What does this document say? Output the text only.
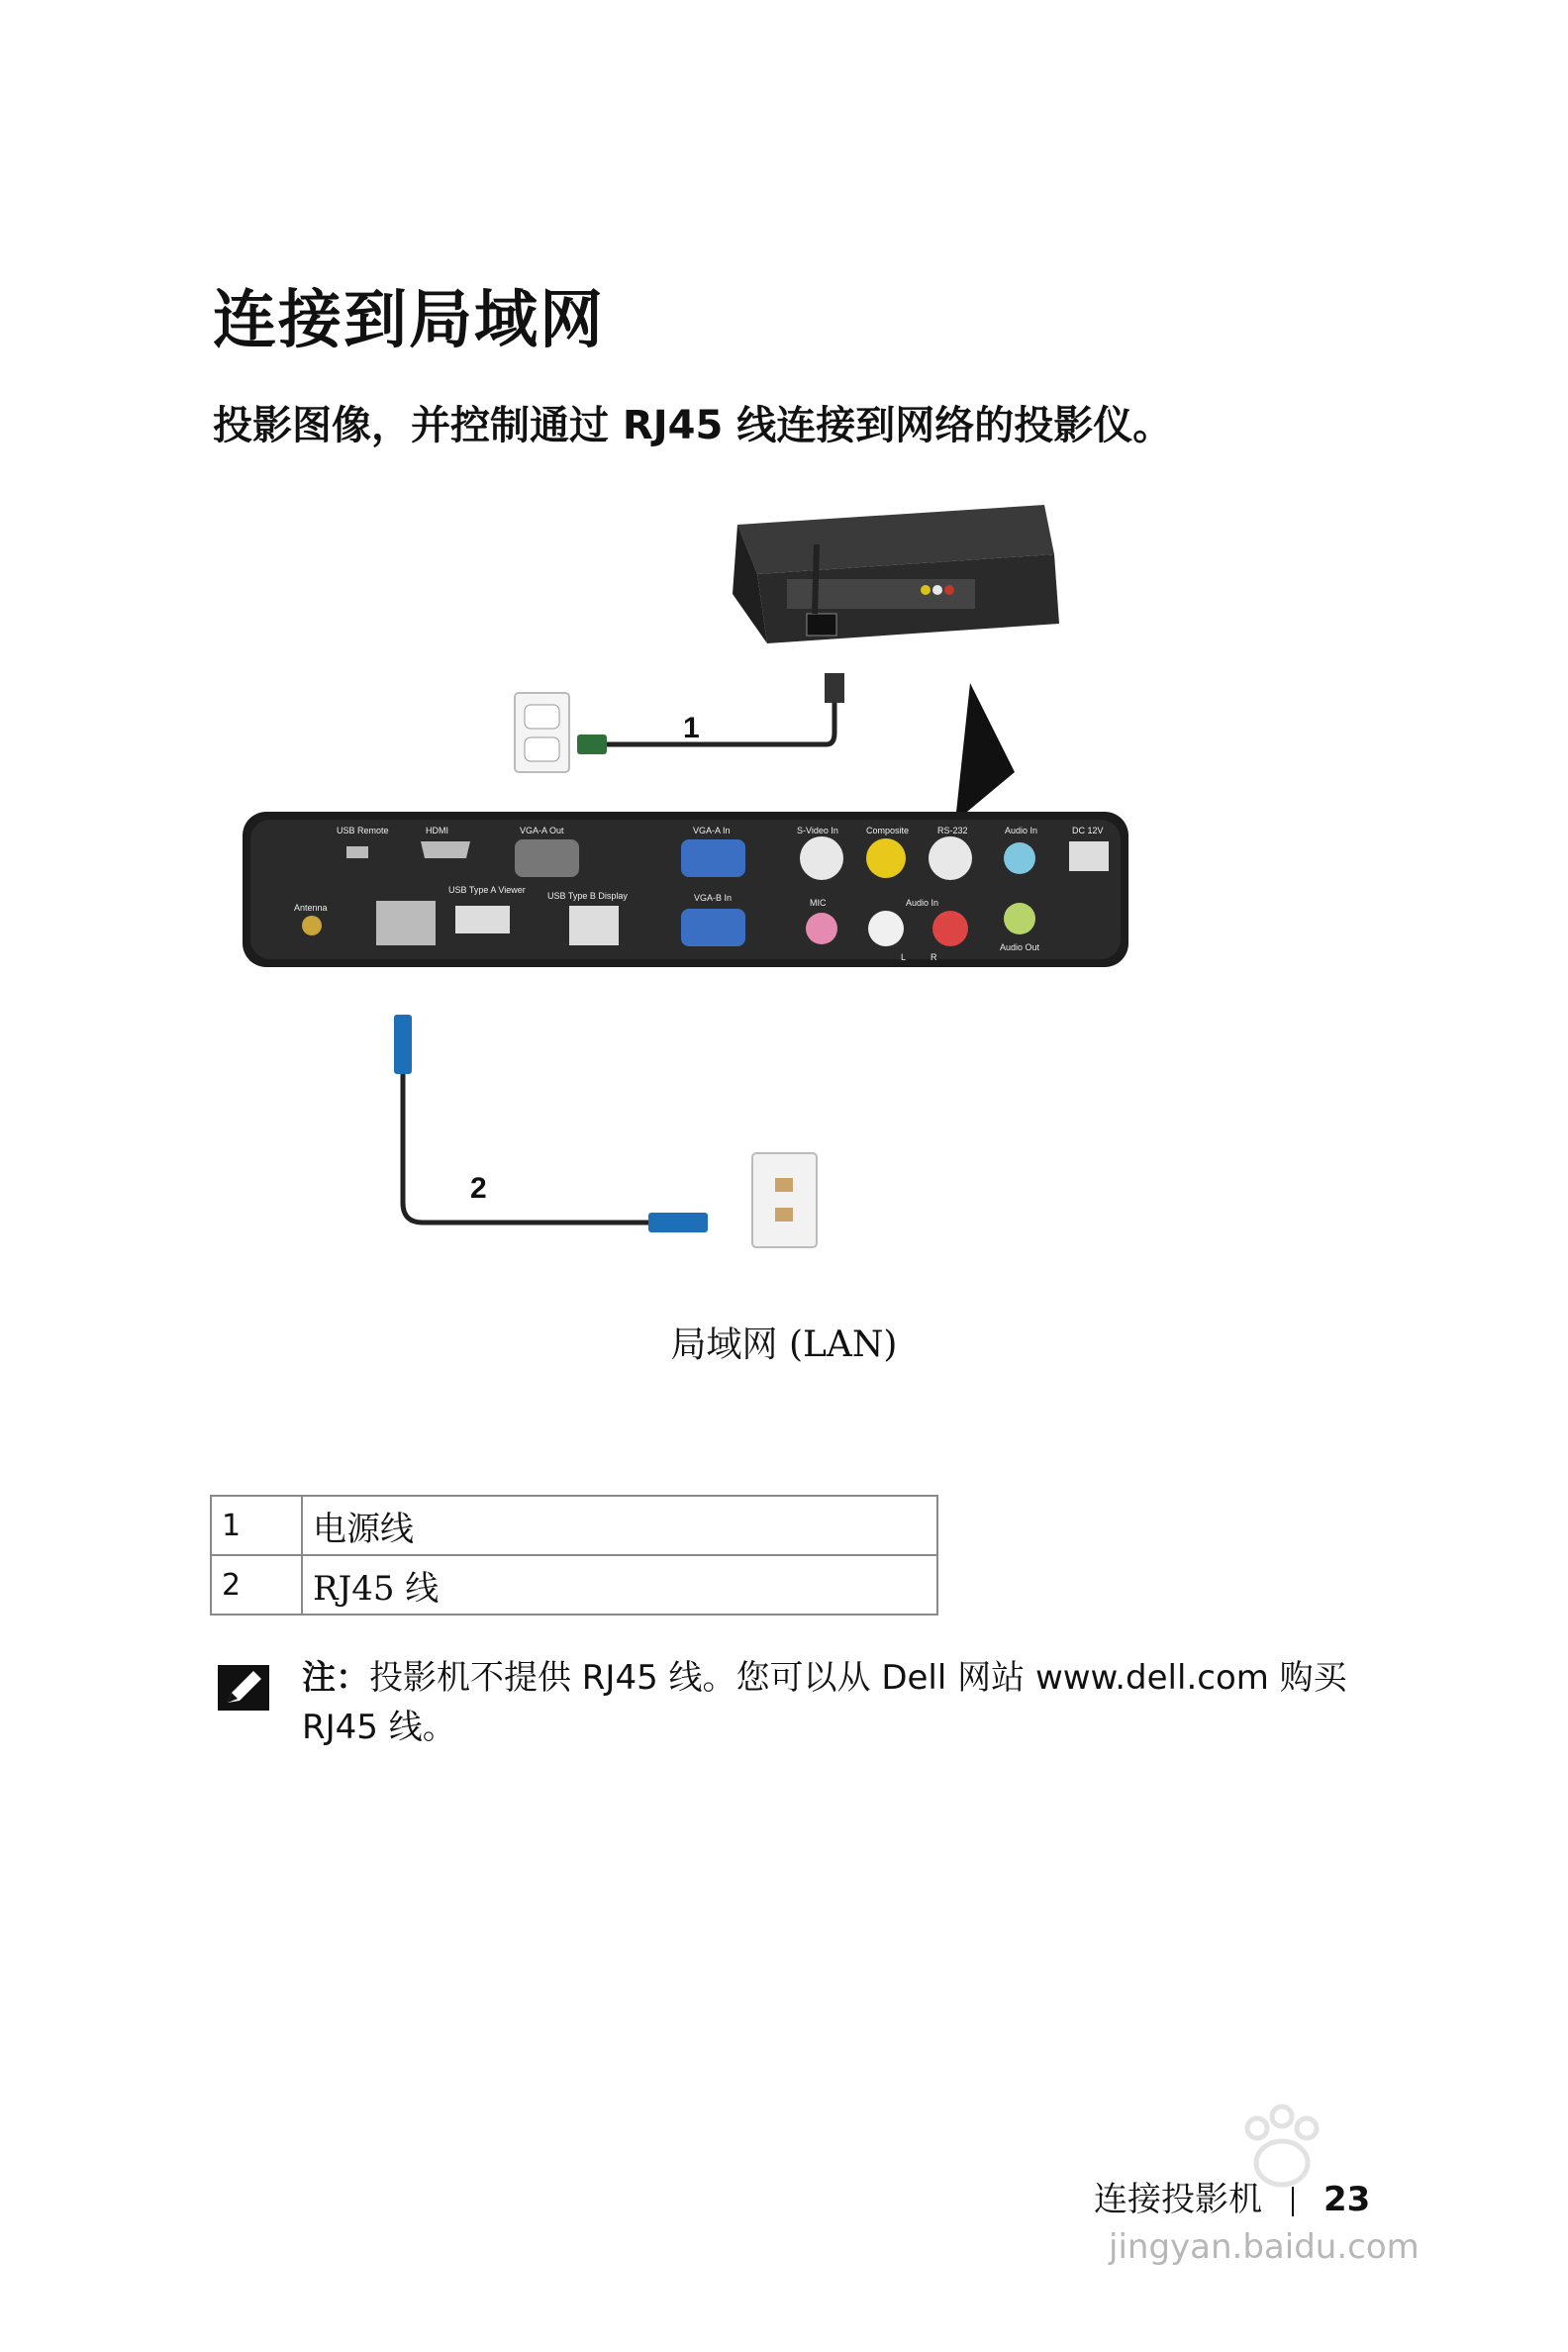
连接到局域网
投影图像，并控制通过 RJ45 线连接到网络的投影仪。
1
USB Remote	HDMI	VGA-A Out	VGA-A In	S-Video In	Composite	RS-232	Audio In	DC 12V
Antenna
USB Type A Viewer
USB Type B Display	VGA-B In	MIC	Audio In
Audio Out
L	R
2
局域网 (LAN)
1	电源线
2	RJ45 线
注：投影机不提供 RJ45 线。您可以从 Dell 网站 www.dell.com 购买 RJ45 线。
连接投影机 23
jingyan.baidu.com
